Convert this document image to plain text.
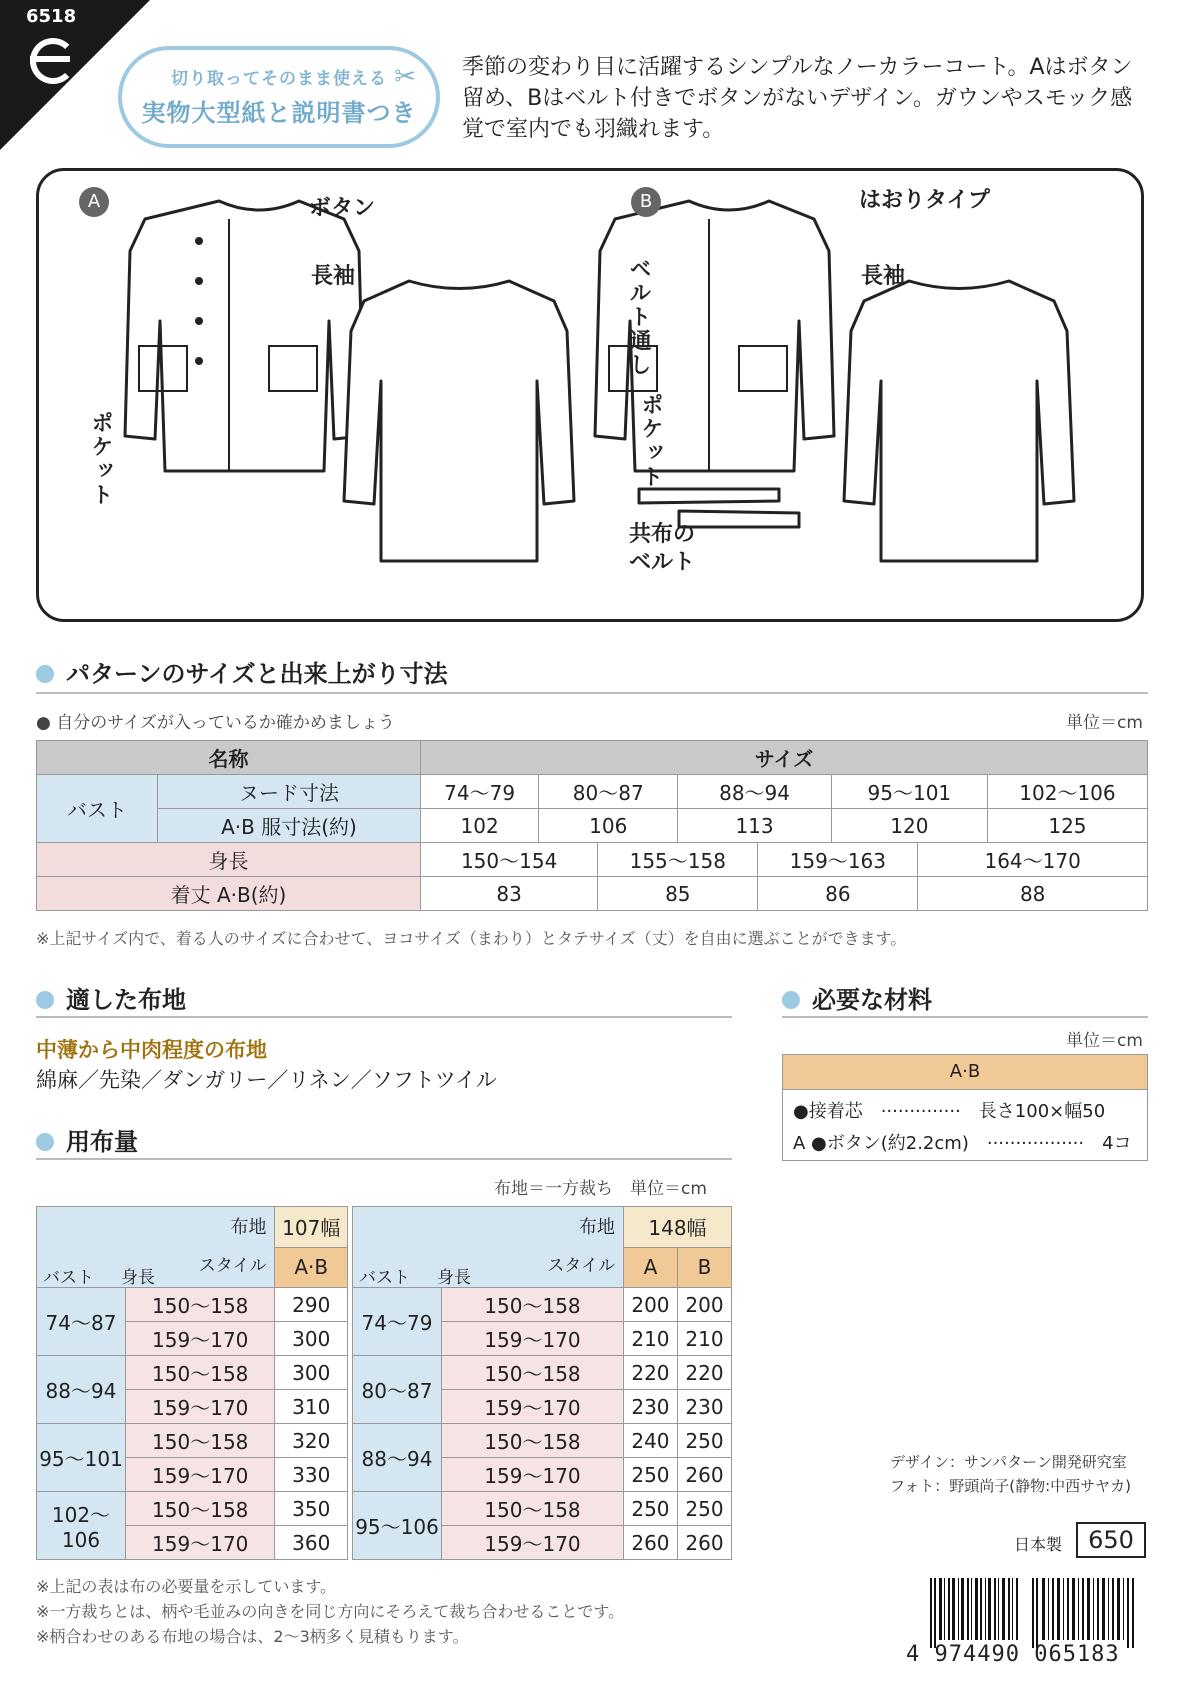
6518
切り取ってそのまま使える
実物大型紙と説明書つき
✂ 季節の変わり目に活躍するシンプルなノーカラーコート。Aはボタン留め、Bはベルト付きでボタンがないデザイン。ガウンやスモック感覚で室内でも羽織れます。
A	B
ボタン
長袖
ポケット
はおりタイプ
ベルト通し	長袖
ポケット
共布の
ベルト
パターンのサイズと出来上がり寸法
● 自分のサイズが入っているか確かめましょう	単位＝cm
名称		サイズ							
バスト	ヌード寸法	74〜79	80〜87		88〜94		95〜101		102〜106
	A·B 服寸法(約)	102	106		113		120		125
身長		150〜154		155〜158		159〜163		164〜170	
着丈 A·B(約)		83		85		86		88	
※上記サイズ内で、着る人のサイズに合わせて、ヨコサイズ（まわり）とタテサイズ（丈）を自由に選ぶことができます。
適した布地
中薄から中肉程度の布地
綿麻／先染／ダンガリー／リネン／ソフトツイル
必要な材料
単位＝cm
A·B
●接着芯　··············　長さ100×幅50
A ●ボタン(約2.2cm)　·················　4コ
用布量
布地＝一方裁ち　単位＝cm
布地
スタイル
バスト 身長		107幅
		A·B
74〜87	150〜158	290
	159〜170	300
88〜94	150〜158	300
	159〜170	310
95〜101	150〜158	320
	159〜170	330
102〜106	150〜158	350
	159〜170	360
布地
スタイル
バスト 身長		148幅	
		A	B
74〜79	150〜158	200	200
	159〜170	210	210
80〜87	150〜158	220	220
	159〜170	230	230
88〜94	150〜158	240	250
	159〜170	250	260
95〜106	150〜158	250	250
	159〜170	260	260
※上記の表は布の必要量を示しています。
※一方裁ちとは、柄や毛並みの向きを同じ方向にそろえて裁ち合わせることです。
※柄合わせのある布地の場合は、2〜3柄多く見積もります。
デザイン：サンパターン開発研究室
フォト：野頭尚子(静物:中西サヤカ)
日本製	650
4 974490 065183
